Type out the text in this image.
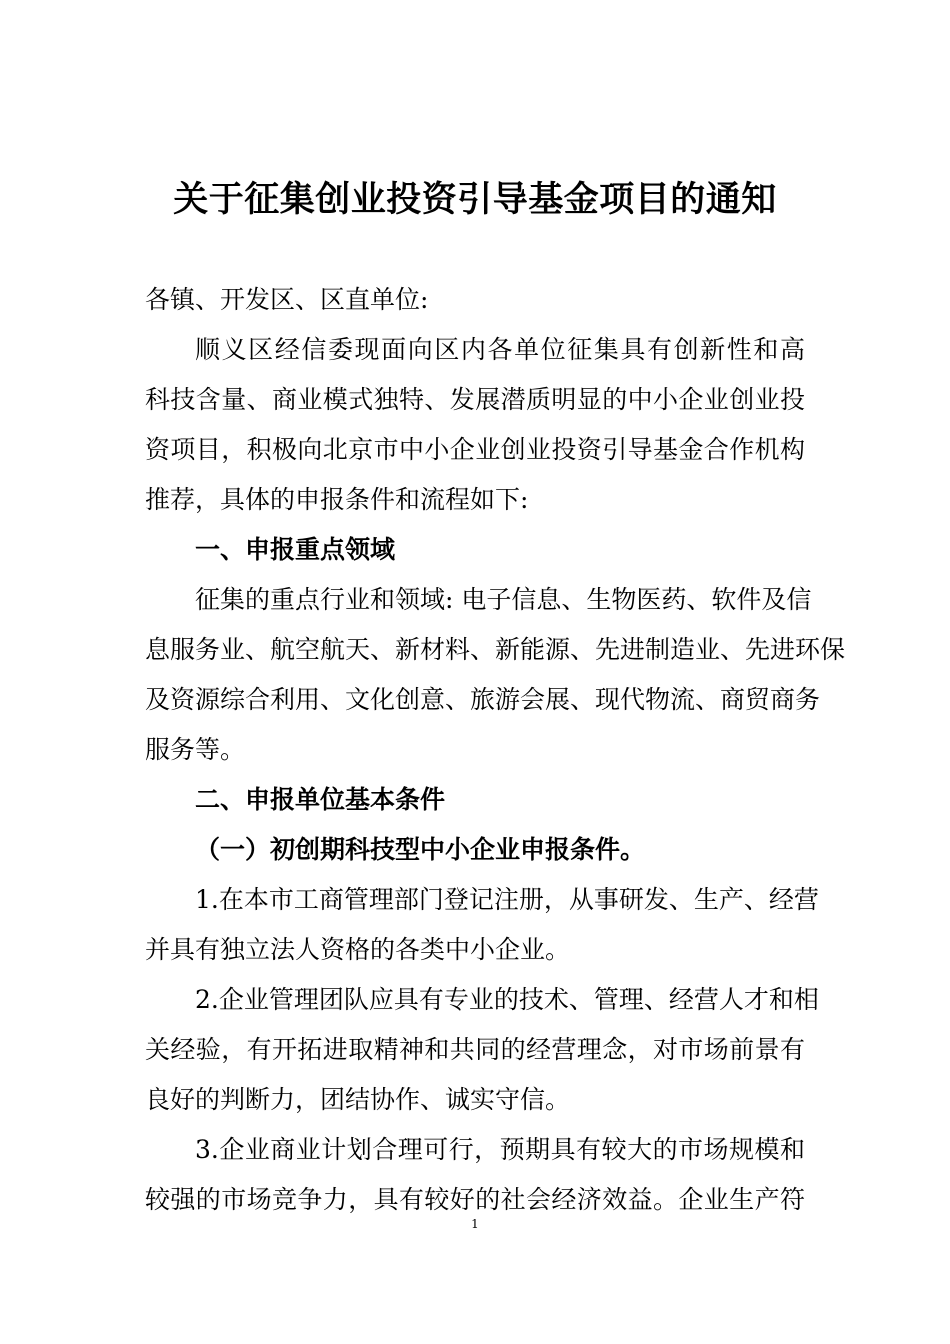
关于征集创业投资引导基金项目的通知

各镇、开发区、区直单位:

顺义区经信委现面向区内各单位征集具有创新性和高

科技含量、商业模式独特、发展潜质明显的中小企业创业投

资项目，积极向北京市中小企业创业投资引导基金合作机构

推荐，具体的申报条件和流程如下:

一、申报重点领域

征集的重点行业和领域: 电子信息、生物医药、软件及信

息服务业、航空航天、新材料、新能源、先进制造业、先进环保

及资源综合利用、文化创意、旅游会展、现代物流、商贸商务

服务等。

二、申报单位基本条件

（一）初创期科技型中小企业申报条件。

1.在本市工商管理部门登记注册，从事研发、生产、经营

并具有独立法人资格的各类中小企业。

2.企业管理团队应具有专业的技术、管理、经营人才和相

关经验，有开拓进取精神和共同的经营理念，对市场前景有

良好的判断力，团结协作、诚实守信。

3.企业商业计划合理可行，预期具有较大的市场规模和

较强的市场竞争力，具有较好的社会经济效益。企业生产符

1
